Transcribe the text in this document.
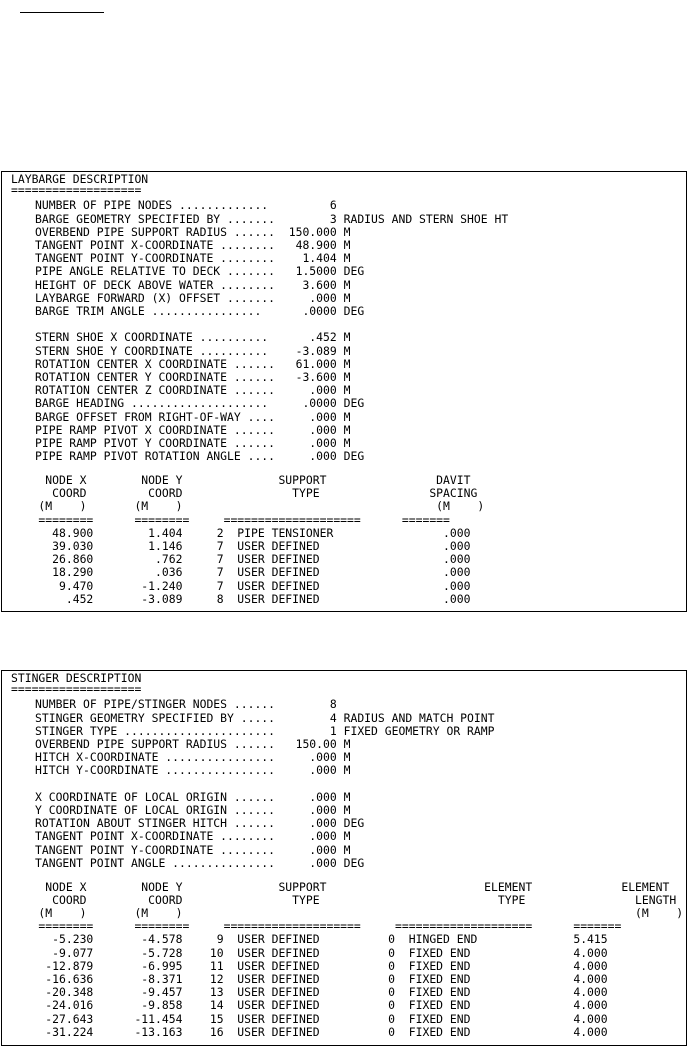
LAYBARGE DESCRIPTION
===================
NUMBER OF PIPE NODES .............         6
BARGE GEOMETRY SPECIFIED BY .......        3 RADIUS AND STERN SHOE HT
OVERBEND PIPE SUPPORT RADIUS ......  150.000 M
TANGENT POINT X-COORDINATE ........   48.900 M
TANGENT POINT Y-COORDINATE ........    1.404 M
PIPE ANGLE RELATIVE TO DECK .......   1.5000 DEG
HEIGHT OF DECK ABOVE WATER ........    3.600 M
LAYBARGE FORWARD (X) OFFSET .......     .000 M
BARGE TRIM ANGLE ................      .0000 DEG
STERN SHOE X COORDINATE ..........      .452 M
STERN SHOE Y COORDINATE ..........    -3.089 M
ROTATION CENTER X COORDINATE ......   61.000 M
ROTATION CENTER Y COORDINATE ......   -3.600 M
ROTATION CENTER Z COORDINATE ......     .000 M
BARGE HEADING ....................     .0000 DEG
BARGE OFFSET FROM RIGHT-OF-WAY ....     .000 M
PIPE RAMP PIVOT X COORDINATE ......     .000 M
PIPE RAMP PIVOT Y COORDINATE ......     .000 M
PIPE RAMP PIVOT ROTATION ANGLE ....     .000 DEG
NODE X        NODE Y              SUPPORT                DAVIT
COORD         COORD                TYPE                SPACING
(M    )       (M    )                                     (M    )
========      ========     ====================      =======
48.900        1.404     2  PIPE TENSIONER                .000
39.030        1.146     7  USER DEFINED                  .000
26.860         .762     7  USER DEFINED                  .000
18.290         .036     7  USER DEFINED                  .000
9.470       -1.240     7  USER DEFINED                  .000
.452       -3.089     8  USER DEFINED                  .000
STINGER DESCRIPTION
===================
NUMBER OF PIPE/STINGER NODES ......        8
STINGER GEOMETRY SPECIFIED BY .....        4 RADIUS AND MATCH POINT
STINGER TYPE ......................        1 FIXED GEOMETRY OR RAMP
OVERBEND PIPE SUPPORT RADIUS ......   150.00 M
HITCH X-COORDINATE ................     .000 M
HITCH Y-COORDINATE ................     .000 M
X COORDINATE OF LOCAL ORIGIN ......     .000 M
Y COORDINATE OF LOCAL ORIGIN ......     .000 M
ROTATION ABOUT STINGER HITCH ......     .000 DEG
TANGENT POINT X-COORDINATE ........     .000 M
TANGENT POINT Y-COORDINATE ........     .000 M
TANGENT POINT ANGLE ...............     .000 DEG
NODE X        NODE Y              SUPPORT                       ELEMENT             ELEMENT
COORD         COORD                TYPE                          TYPE                LENGTH
(M    )       (M    )                                                                  (M    )
========      ========     ====================     ====================      =======
-5.230       -4.578     9  USER DEFINED          0  HINGED END              5.415
-9.077       -5.728    10  USER DEFINED          0  FIXED END               4.000
-12.879       -6.995    11  USER DEFINED          0  FIXED END               4.000
-16.636       -8.371    12  USER DEFINED          0  FIXED END               4.000
-20.348       -9.457    13  USER DEFINED          0  FIXED END               4.000
-24.016       -9.858    14  USER DEFINED          0  FIXED END               4.000
-27.643      -11.454    15  USER DEFINED          0  FIXED END               4.000
-31.224      -13.163    16  USER DEFINED          0  FIXED END               4.000
